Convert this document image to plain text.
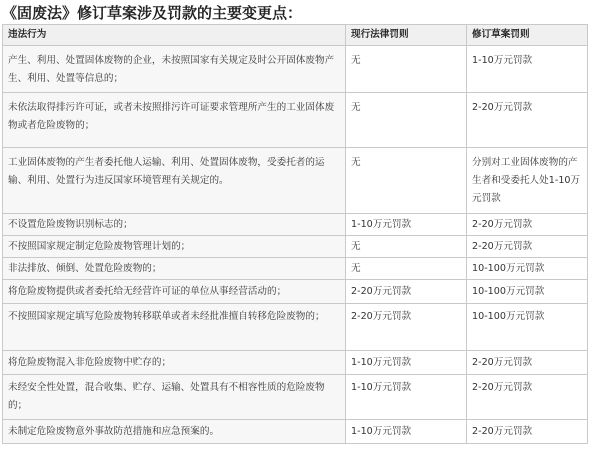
《固废法》修订草案涉及罚款的主要变更点：
违法行为	现行法律罚则	修订草案罚则
产生、利用、处置固体废物的企业，未按照国家有关规定及时公开固体废物产生、利用、处置等信息的；	无	1-10万元罚款
未依法取得排污许可证，或者未按照排污许可证要求管理所产生的工业固体废物或者危险废物的；	无	2-20万元罚款
工业固体废物的产生者委托他人运输、利用、处置固体废物，受委托者的运输、利用、处置行为违反国家环境管理有关规定的。	无	分别对工业固体废物的产生者和受委托人处1-10万元罚款
不设置危险废物识别标志的；	1-10万元罚款	2-20万元罚款
不按照国家规定制定危险废物管理计划的；	无	2-20万元罚款
非法排放、倾倒、处置危险废物的；	无	10-100万元罚款
将危险废物提供或者委托给无经营许可证的单位从事经营活动的；	2-20万元罚款	10-100万元罚款
不按照国家规定填写危险废物转移联单或者未经批准擅自转移危险废物的；	2-20万元罚款	10-100万元罚款
将危险废物混入非危险废物中贮存的；	1-10万元罚款	2-20万元罚款
未经安全性处置，混合收集、贮存、运输、处置具有不相容性质的危险废物的；	1-10万元罚款	2-20万元罚款
未制定危险废物意外事故防范措施和应急预案的。	1-10万元罚款	2-20万元罚款
